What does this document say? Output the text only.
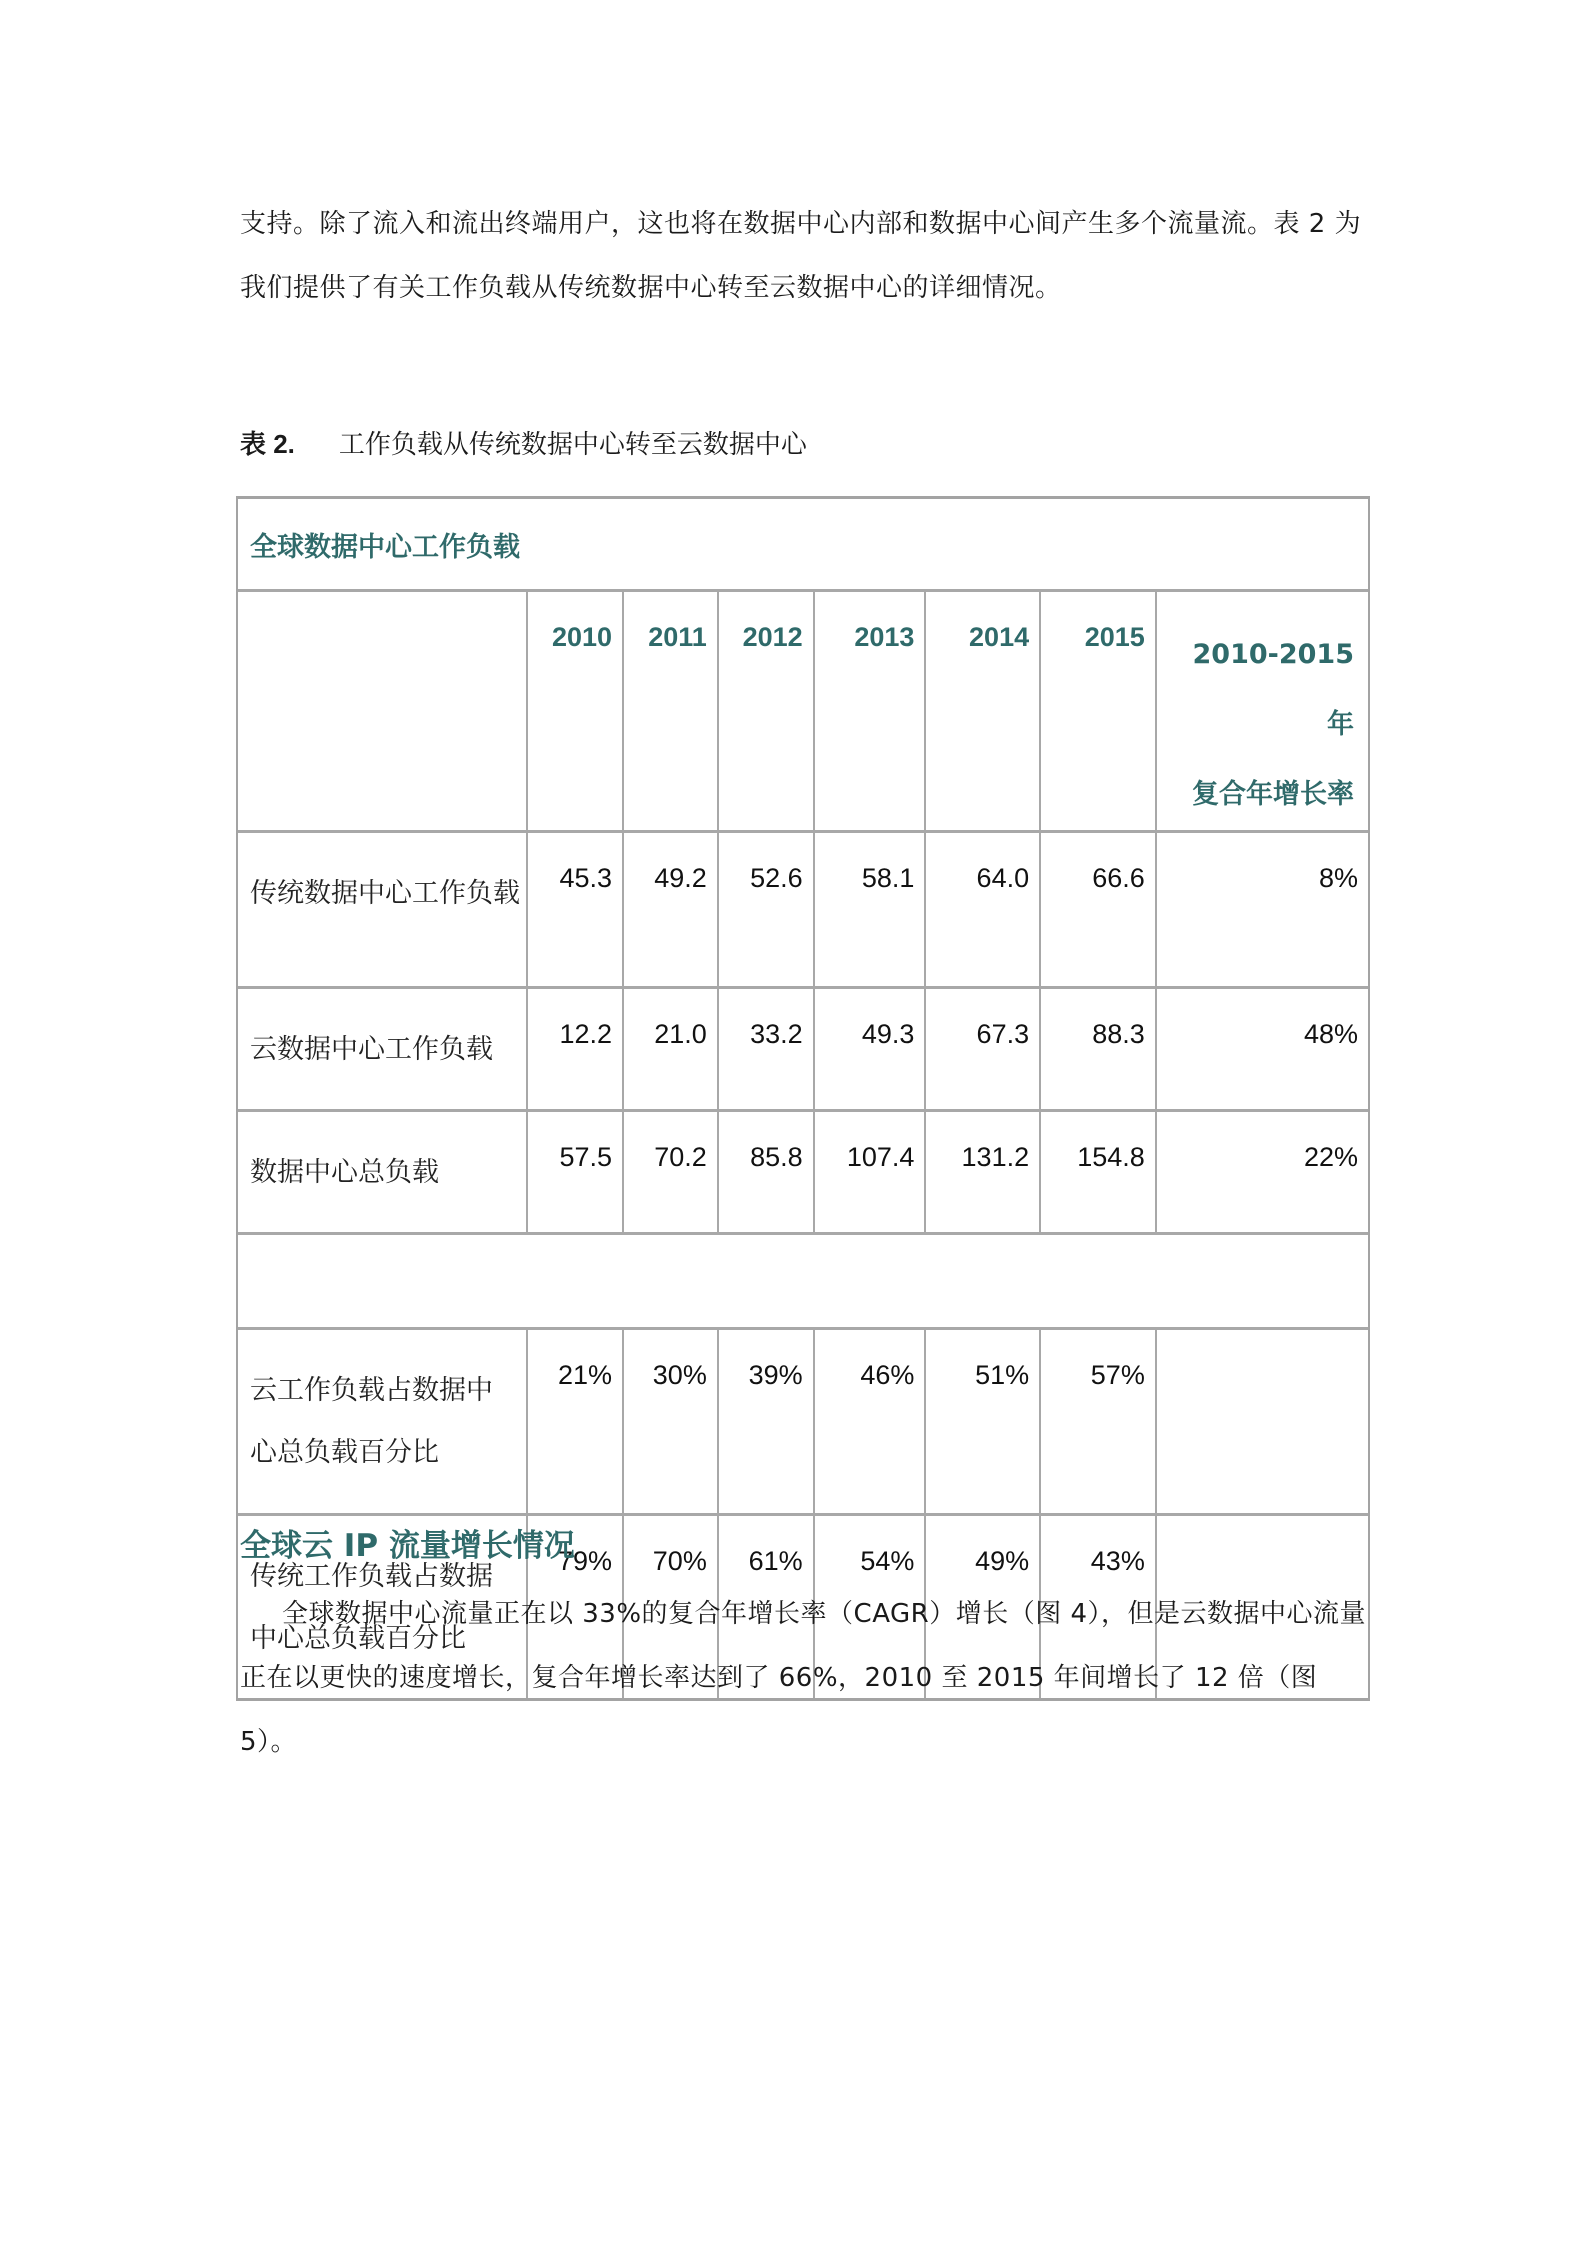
支持。除了流入和流出终端用户，这也将在数据中心内部和数据中心间产生多个流量流。表 2 为我们提供了有关工作负载从传统数据中心转至云数据中心的详细情况。
表 2. 工作负载从传统数据中心转至云数据中心
全球数据中心工作负载							
	2010	2011	2012	2013	2014	2015	2010-2015 年
复合年增长率

传统数据中心工作负载	45.3	49.2	52.6	58.1	64.0	66.6	8%
云数据中心工作负载	12.2	21.0	33.2	49.3	67.3	88.3	48%
数据中心总负载	57.5	70.2	85.8	107.4	131.2	154.8	22%

云工作负载占数据中心总负载百分比	21%	30%	39%	46%	51%	57%	
传统工作负载占数据中心总负载百分比	79%	70%	61%	54%	49%	43%	
全球云 IP 流量增长情况
全球数据中心流量正在以 33%的复合年增长率（CAGR）增长（图 4），但是云数据中心流量正在以更快的速度增长，复合年增长率达到了 66%，2010 至 2015 年间增长了 12 倍（图 5）。
